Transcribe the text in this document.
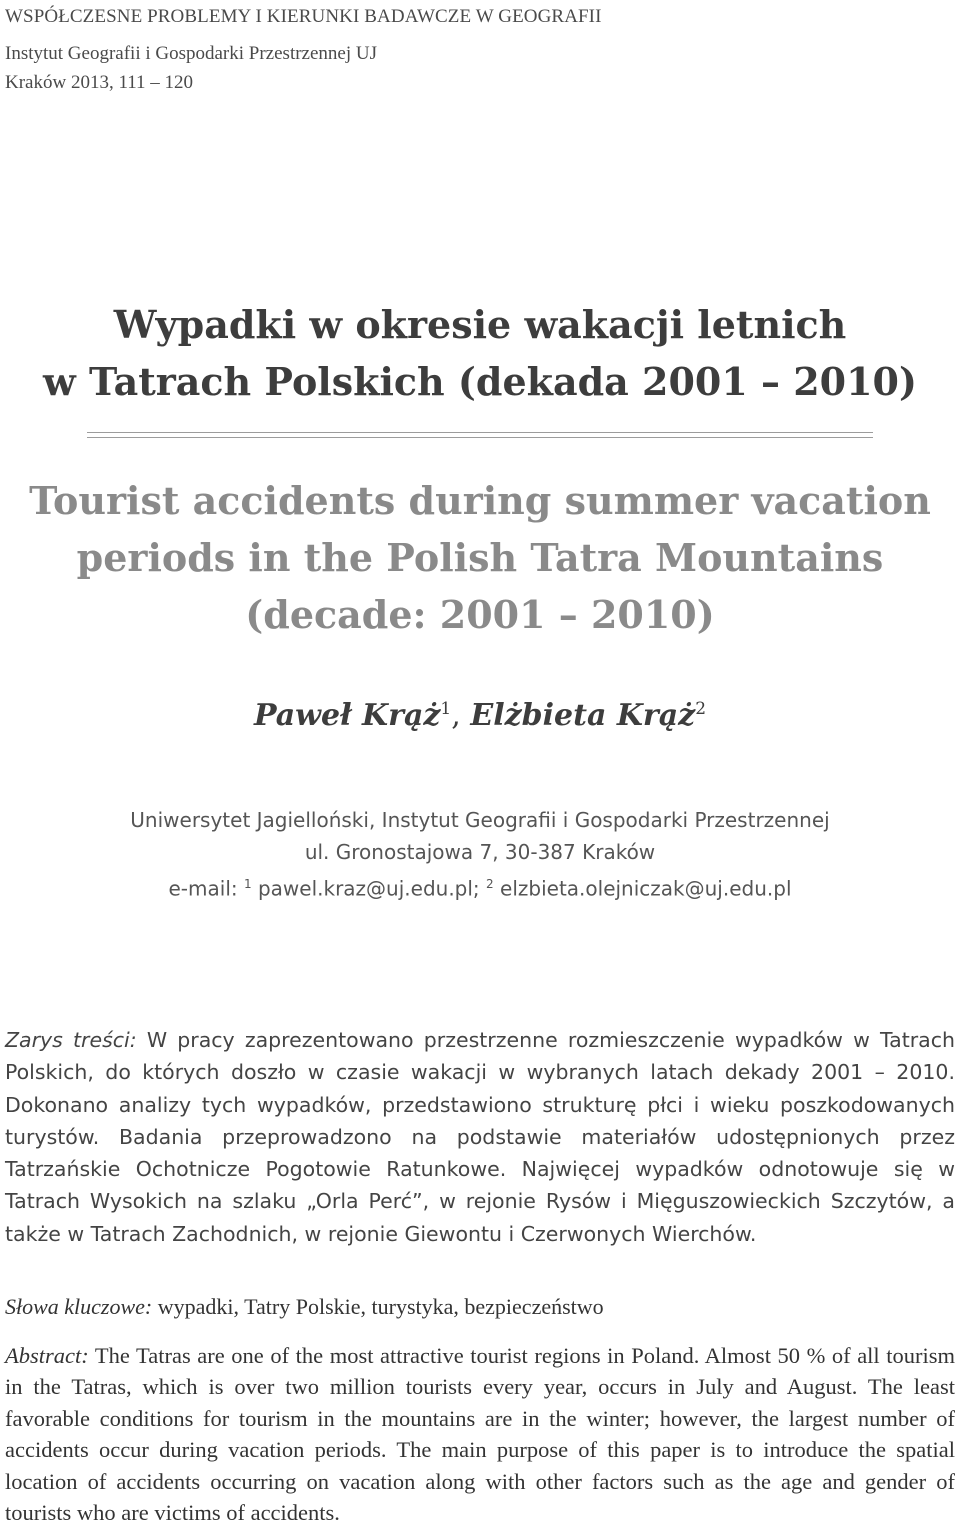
WSPÓŁCZESNE PROBLEMY I KIERUNKI BADAWCZE W GEOGRAFII
Instytut Geografii i Gospodarki Przestrzennej UJ
Kraków 2013, 111 – 120
Wypadki w okresie wakacji letnich
w Tatrach Polskich (dekada 2001 – 2010)
Tourist accidents during summer vacation
periods in the Polish Tatra Mountains
(decade: 2001 – 2010)
Paweł Krąż$^1$, Elżbieta Krąż$^2$
Uniwersytet Jagielloński, Instytut Geografii i Gospodarki Przestrzennej
ul. Gronostajowa 7, 30-387 Kraków
e-mail: $^1$ pawel.kraz@uj.edu.pl; $^2$ elzbieta.olejniczak@uj.edu.pl
Zarys treści: W pracy zaprezentowano przestrzenne rozmieszczenie wypadków w Tatrach Polskich, do których doszło w czasie wakacji w wybranych latach dekady 2001 – 2010. Dokonano analizy tych wypadków, przedstawiono strukturę płci i wieku poszkodowanych turystów. Badania przeprowadzono na podstawie materiałów udostępnionych przez Tatrzańskie Ochotnicze Pogotowie Ratunkowe. Najwięcej wypadków odnotowuje się w Tatrach Wysokich na szlaku „Orla Perć”, w rejonie Rysów i Mięguszowieckich Szczytów, a także w Tatrach Zachodnich, w rejonie Giewontu i Czerwonych Wierchów.
Słowa kluczowe: wypadki, Tatry Polskie, turystyka, bezpieczeństwo
Abstract: The Tatras are one of the most attractive tourist regions in Poland. Almost 50 % of all tourism in the Tatras, which is over two million tourists every year, occurs in July and August. The least favorable conditions for tourism in the mountains are in the winter; however, the largest number of accidents occur during vacation periods. The main purpose of this paper is to introduce the spatial location of accidents occurring on vacation along with other factors such as the age and gender of tourists who are victims of accidents.
